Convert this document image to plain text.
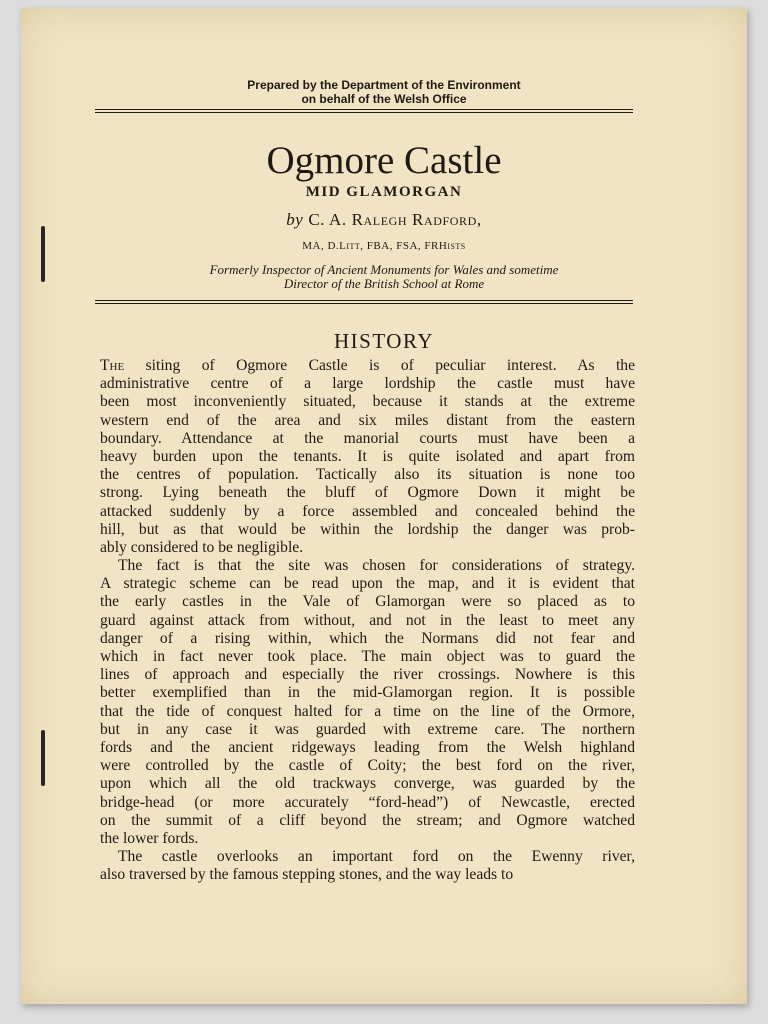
Prepared by the Department of the Environment
on behalf of the Welsh Office
Ogmore Castle
MID GLAMORGAN
by C. A. Ralegh Radford,
MA, D.Litt, FBA, FSA, FRHists
Formerly Inspector of Ancient Monuments for Wales and sometime
Director of the British School at Rome
HISTORY
The siting of Ogmore Castle is of peculiar interest. As the
administrative centre of a large lordship the castle must have
been most inconveniently situated, because it stands at the extreme
western end of the area and six miles distant from the eastern
boundary. Attendance at the manorial courts must have been a
heavy burden upon the tenants. It is quite isolated and apart from
the centres of population. Tactically also its situation is none too
strong. Lying beneath the bluff of Ogmore Down it might be
attacked suddenly by a force assembled and concealed behind the
hill, but as that would be within the lordship the danger was prob-
ably considered to be negligible.
The fact is that the site was chosen for considerations of strategy.
A strategic scheme can be read upon the map, and it is evident that
the early castles in the Vale of Glamorgan were so placed as to
guard against attack from without, and not in the least to meet any
danger of a rising within, which the Normans did not fear and
which in fact never took place. The main object was to guard the
lines of approach and especially the river crossings. Nowhere is this
better exemplified than in the mid-Glamorgan region. It is possible
that the tide of conquest halted for a time on the line of the Ormore,
but in any case it was guarded with extreme care. The northern
fords and the ancient ridgeways leading from the Welsh highland
were controlled by the castle of Coity; the best ford on the river,
upon which all the old trackways converge, was guarded by the
bridge-head (or more accurately “ford-head”) of Newcastle, erected
on the summit of a cliff beyond the stream; and Ogmore watched
the lower fords.
The castle overlooks an important ford on the Ewenny river,
also traversed by the famous stepping stones, and the way leads to
